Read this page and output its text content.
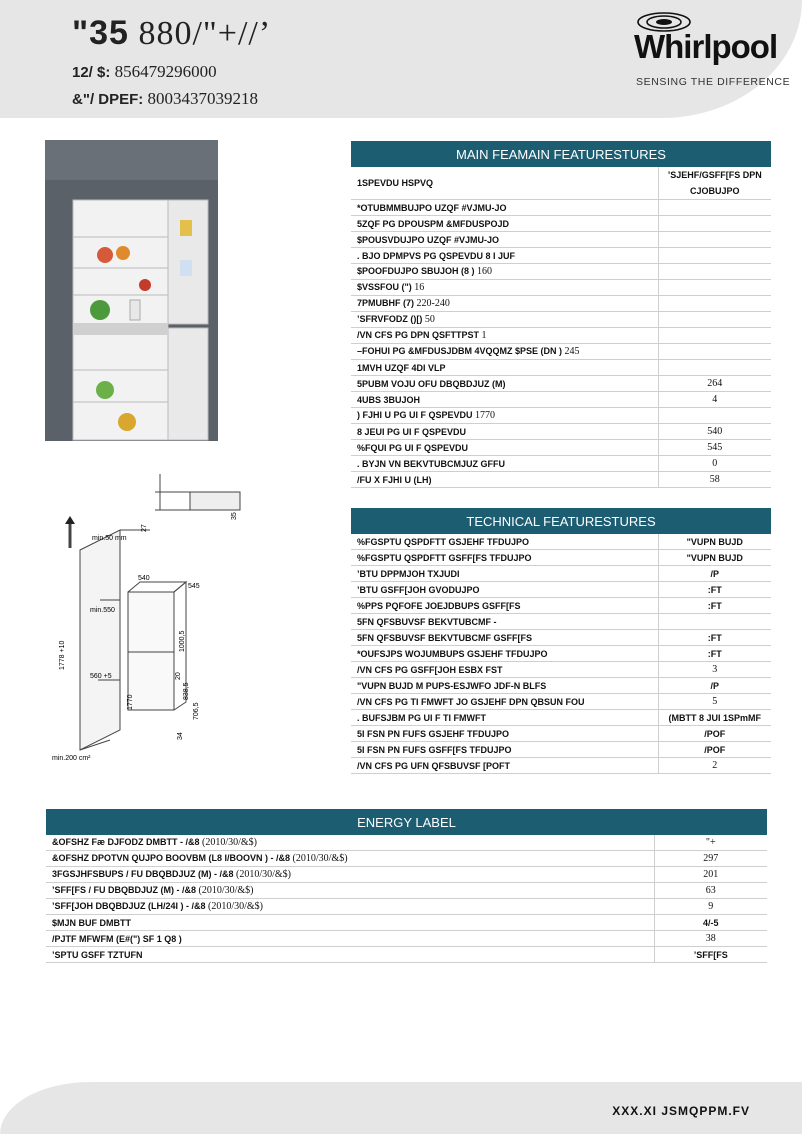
"35 880/"+//’
12/ $: 856479296000
&"/ DPEF: 8003437039218
Whirlpool
SENSING THE DIFFERENCE
min.50 mm
540
545
min.550
560 +5
min.200 cm²
1778 +10
1770
1000,5
838,5
706,5
27
35
20
34
MAIN FEAMAIN FEATURESTURES	
1SPEVDU HSPVQ	’SJEHF/GSFF[FS DPN CJOBUJPO
*OTUBMMBUJPO UZQF #VJMU-JO	
5ZQF PG DPOUSPM &MFDUSPOJD	
$POUSVDUJPO UZQF #VJMU-JO	
. BJO DPMPVS PG QSPEVDU 8 I JUF	
$POOFDUJPO SBUJOH (8 ) 160	
$VSSFOU (") 16	
7PMUBHF (7) 220-240	
’SFRVFODZ ()[) 50	
/VN CFS PG DPN QSFTTPST 1	
–FOHUI PG &MFDUSJDBM 4VQQMZ $PSE (DN ) 245	
1MVH UZQF 4DI VLP	
5PUBM VOJU OFU DBQBDJUZ (M)	264
4UBS 3BUJOH	4
) FJHI U PG UI F QSPEVDU 1770	
8 JEUI PG UI F QSPEVDU	540
%FQUI PG UI F QSPEVDU	545
. BYJN VN BEKVTUBCMJUZ GFFU	0
/FU X FJHI U (LH)	58
TECHNICAL FEATURESTURES	
%FGSPTU QSPDFTT GSJEHF TFDUJPO	"VUPN BUJD
%FGSPTU QSPDFTT GSFF[FS TFDUJPO	"VUPN BUJD
’BTU DPPMJOH TXJUDI	/P
’BTU GSFF[JOH GVODUJPO	:FT
%PPS PQFOFE JOEJDBUPS GSFF[FS	:FT
5FN QFSBUVSF BEKVTUBCMF -	
5FN QFSBUVSF BEKVTUBCMF GSFF[FS	:FT
*OUFSJPS WOJUMBUPS GSJEHF TFDUJPO	:FT
/VN CFS PG GSFF[JOH ESBX FST	3
"VUPN BUJD M PUPS-ESJWFO JDF-N BLFS	/P
/VN CFS PG TI FMWFT JO GSJEHF DPN QBSUN FOU	5
. BUFSJBM PG UI F TI FMWFT	(MBTT 8 JUI 1SPmMF
5I FSN PN FUFS GSJEHF TFDUJPO	/POF
5I FSN PN FUFS GSFF[FS TFDUJPO	/POF
/VN CFS PG UFN QFSBUVSF [POFT	2
ENERGY LABEL	
&OFSHZ Fæ DJFODZ DMBTT - /&8 (2010/30/&$)	"+
&OFSHZ DPOTVN QUJPO BOOVBM (L8 I/BOOVN ) - /&8 (2010/30/&$)	297
3FGSJHFSBUPS / FU DBQBDJUZ (M) - /&8 (2010/30/&$)	201
’SFF[FS / FU DBQBDJUZ (M) - /&8 (2010/30/&$)	63
’SFF[JOH DBQBDJUZ (LH/24I ) - /&8 (2010/30/&$)	9
$MJN BUF DMBTT	4/-5
/PJTF MFWFM (E#(") SF 1 Q8 )	38
’SPTU GSFF TZTUFN	’SFF[FS
XXX.XI JSMQPPM.FV
